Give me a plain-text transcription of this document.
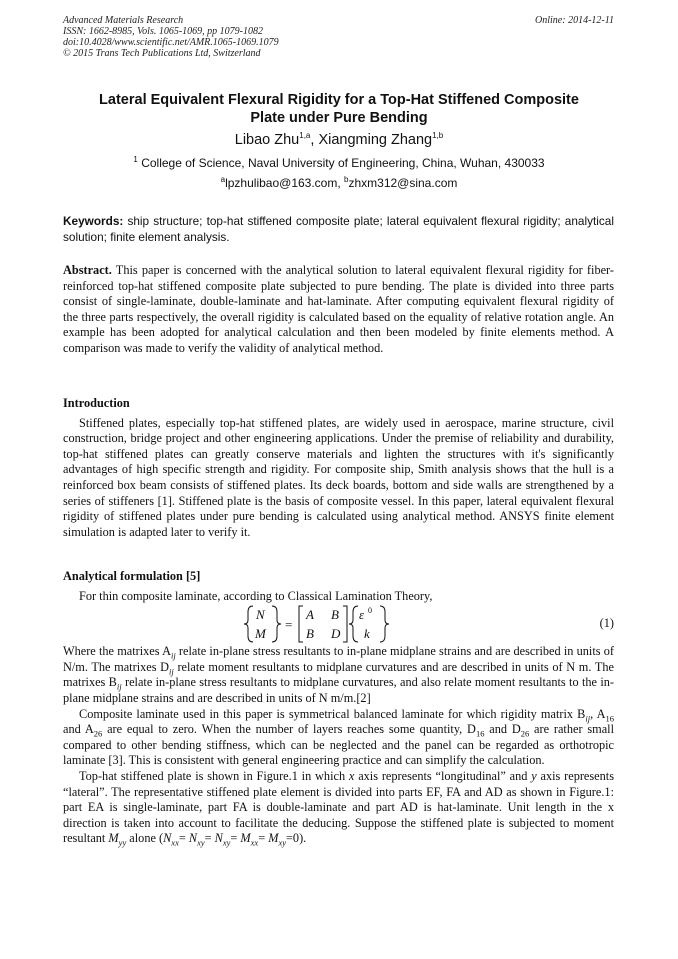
Advanced Materials Research
ISSN: 1662-8985, Vols. 1065-1069, pp 1079-1082
doi:10.4028/www.scientific.net/AMR.1065-1069.1079
© 2015 Trans Tech Publications Ltd, Switzerland
Online: 2014-12-11
Lateral Equivalent Flexural Rigidity for a Top-Hat Stiffened Composite
Plate under Pure Bending
Libao Zhu$^{1,a}$, Xiangming Zhang$^{1,b}$
$^1$ College of Science, Naval University of Engineering, China, Wuhan, 430033
$^a$lpzhulibao@163.com, $^b$zhxm312@sina.com
Keywords: ship structure; top-hat stiffened composite plate; lateral equivalent flexural rigidity; analytical solution; finite element analysis.

Abstract. This paper is concerned with the analytical solution to lateral equivalent flexural rigidity for fiber-reinforced top-hat stiffened composite plate subjected to pure bending. The plate is divided into three parts consist of single-laminate, double-laminate and hat-laminate. After computing equivalent flexural rigidity of the three parts respectively, the overall rigidity is calculated based on the equality of relative rotation angle. An example has been adopted for analytical calculation and then been modeled by finite elements method. A comparison was made to verify the validity of analytical method.

Introduction

Stiffened plates, especially top-hat stiffened plates, are widely used in aerospace, marine structure, civil construction, bridge project and other engineering applications. Under the premise of reliability and durability, top-hat stiffened plates can greatly conserve materials and lighten the structures with it's significantly advantages of high specific strength and rigidity. For composite ship, Smith analysis shows that the hull is a reinforced box beam consists of stiffened plates. Its deck boards, bottom and side walls are strengthened by a series of stiffeners [1]. Stiffened plate is the basis of composite vessel. In this paper, lateral equivalent flexural rigidity of stiffened plates under pure bending is calculated using analytical method. ANSYS finite element simulation is adapted later to verify it.

Analytical formulation [5]

For thin composite laminate, according to Classical Lamination Theory,

N
M
A B
B D
ε
k
0
=	(1)

Where the matrixes $A_{ij}$ relate in-plane stress resultants to in-plane midplane strains and are described in units of N/m. The matrixes $D_{ij}$ relate moment resultants to midplane curvatures and are described in units of N m. The matrixes $B_{ij}$ relate in-plane stress resultants to midplane curvatures, and also relate moment resultants to the in-plane midplane strains and are described in units of N m/m.[2]

Composite laminate used in this paper is symmetrical balanced laminate for which rigidity matrix $B_{ij}$, $A_{16}$ and $A_{26}$ are equal to zero. When the number of layers reaches some quantity, $D_{16}$ and $D_{26}$ are rather small compared to other bending stiffness, which can be neglected and the panel can be regarded as orthotropic laminate [3]. This is consistent with general engineering practice and can simplify the calculation.

Top-hat stiffened plate is shown in Figure.1 in which x axis represents “longitudinal” and y axis represents “lateral”. The representative stiffened plate element is divided into parts EF, FA and AD as shown in Figure.1: part EA is single-laminate, part FA is double-laminate and part AD is hat-laminate. Unit length in the x direction is taken into account to facilitate the deducing. Suppose the stiffened plate is subjected to moment resultant $M_{yy}$ alone $(N_{xx}= N_{xy}= N_{xy}= M_{xx}= M_{xy}=0)$.
